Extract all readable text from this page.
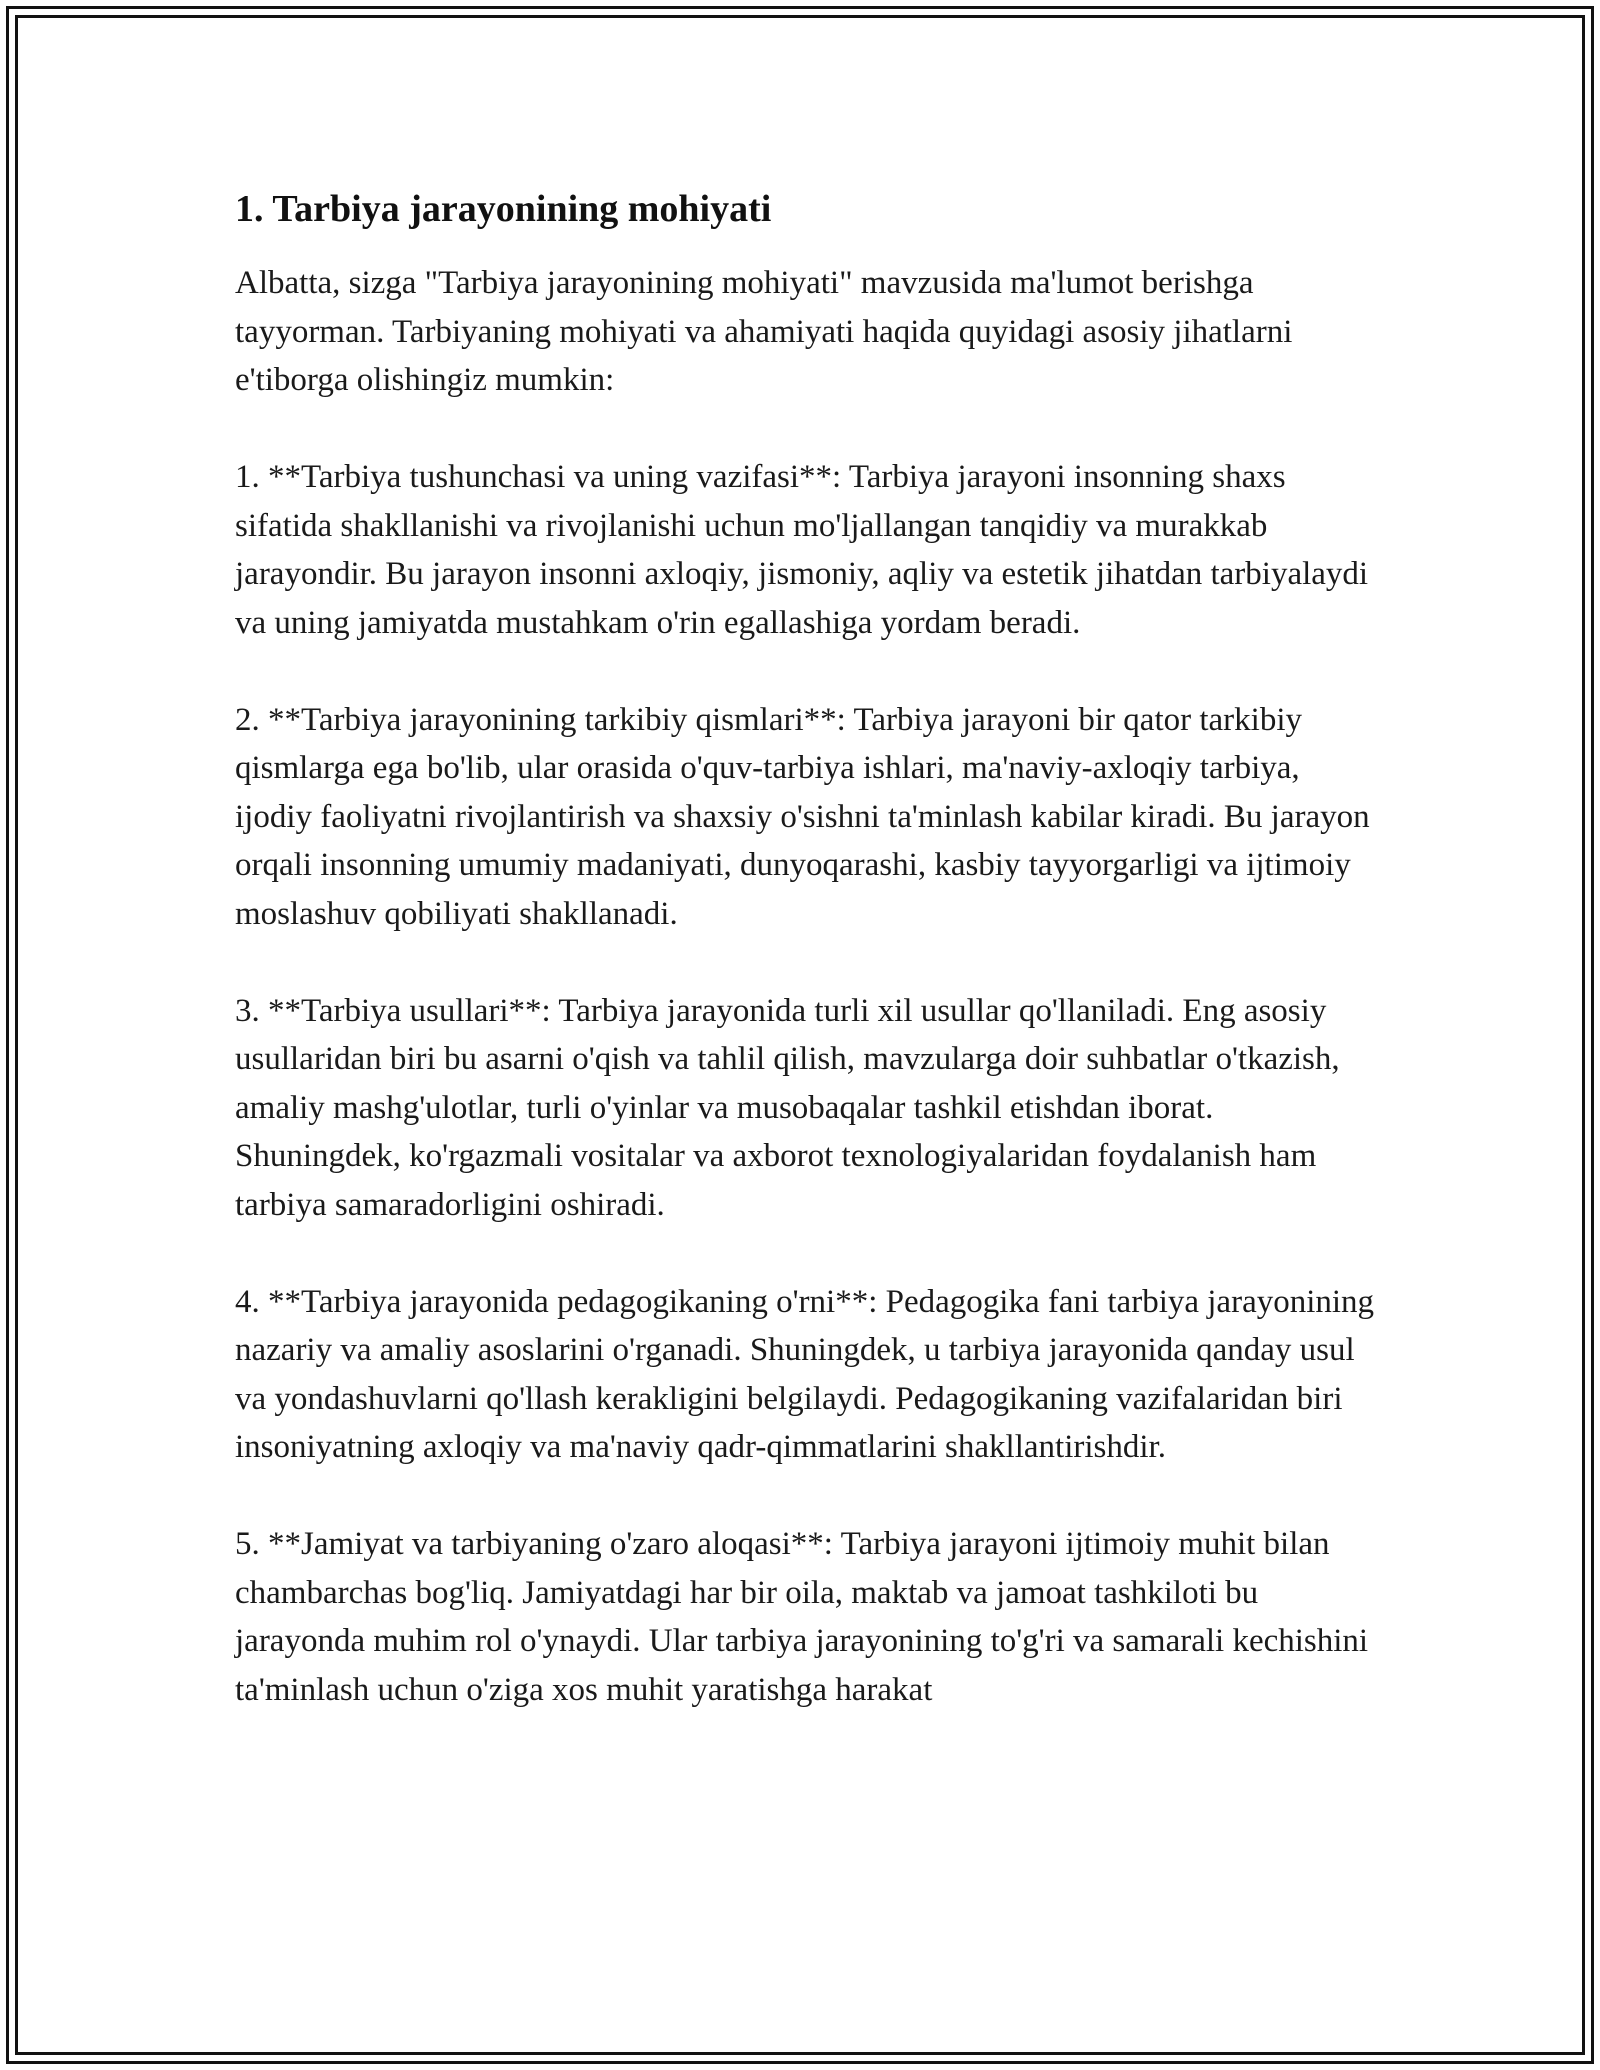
1. Tarbiya jarayonining mohiyati

Albatta, sizga "Tarbiya jarayonining mohiyati" mavzusida ma'lumot berishga tayyorman. Tarbiyaning mohiyati va ahamiyati haqida quyidagi asosiy jihatlarni e'tiborga olishingiz mumkin:

1. **Tarbiya tushunchasi va uning vazifasi**: Tarbiya jarayoni insonning shaxs sifatida shakllanishi va rivojlanishi uchun mo'ljallangan tanqidiy va murakkab jarayondir. Bu jarayon insonni axloqiy, jismoniy, aqliy va estetik jihatdan tarbiyalaydi va uning jamiyatda mustahkam o'rin egallashiga yordam beradi.

2. **Tarbiya jarayonining tarkibiy qismlari**: Tarbiya jarayoni bir qator tarkibiy qismlarga ega bo'lib, ular orasida o'quv-tarbiya ishlari, ma'naviy-axloqiy tarbiya, ijodiy faoliyatni rivojlantirish va shaxsiy o'sishni ta'minlash kabilar kiradi. Bu jarayon orqali insonning umumiy madaniyati, dunyoqarashi, kasbiy tayyorgarligi va ijtimoiy moslashuv qobiliyati shakllanadi.

3. **Tarbiya usullari**: Tarbiya jarayonida turli xil usullar qo'llaniladi. Eng asosiy usullaridan biri bu asarni o'qish va tahlil qilish, mavzularga doir suhbatlar o'tkazish, amaliy mashg'ulotlar, turli o'yinlar va musobaqalar tashkil etishdan iborat. Shuningdek, ko'rgazmali vositalar va axborot texnologiyalaridan foydalanish ham tarbiya samaradorligini oshiradi.

4. **Tarbiya jarayonida pedagogikaning o'rni**: Pedagogika fani tarbiya jarayonining nazariy va amaliy asoslarini o'rganadi. Shuningdek, u tarbiya jarayonida qanday usul va yondashuvlarni qo'llash kerakligini belgilaydi. Pedagogikaning vazifalaridan biri insoniyatning axloqiy va ma'naviy qadr-qimmatlarini shakllantirishdir.

5. **Jamiyat va tarbiyaning o'zaro aloqasi**: Tarbiya jarayoni ijtimoiy muhit bilan chambarchas bog'liq. Jamiyatdagi har bir oila, maktab va jamoat tashkiloti bu jarayonda muhim rol o'ynaydi. Ular tarbiya jarayonining to'g'ri va samarali kechishini ta'minlash uchun o'ziga xos muhit yaratishga harakat
